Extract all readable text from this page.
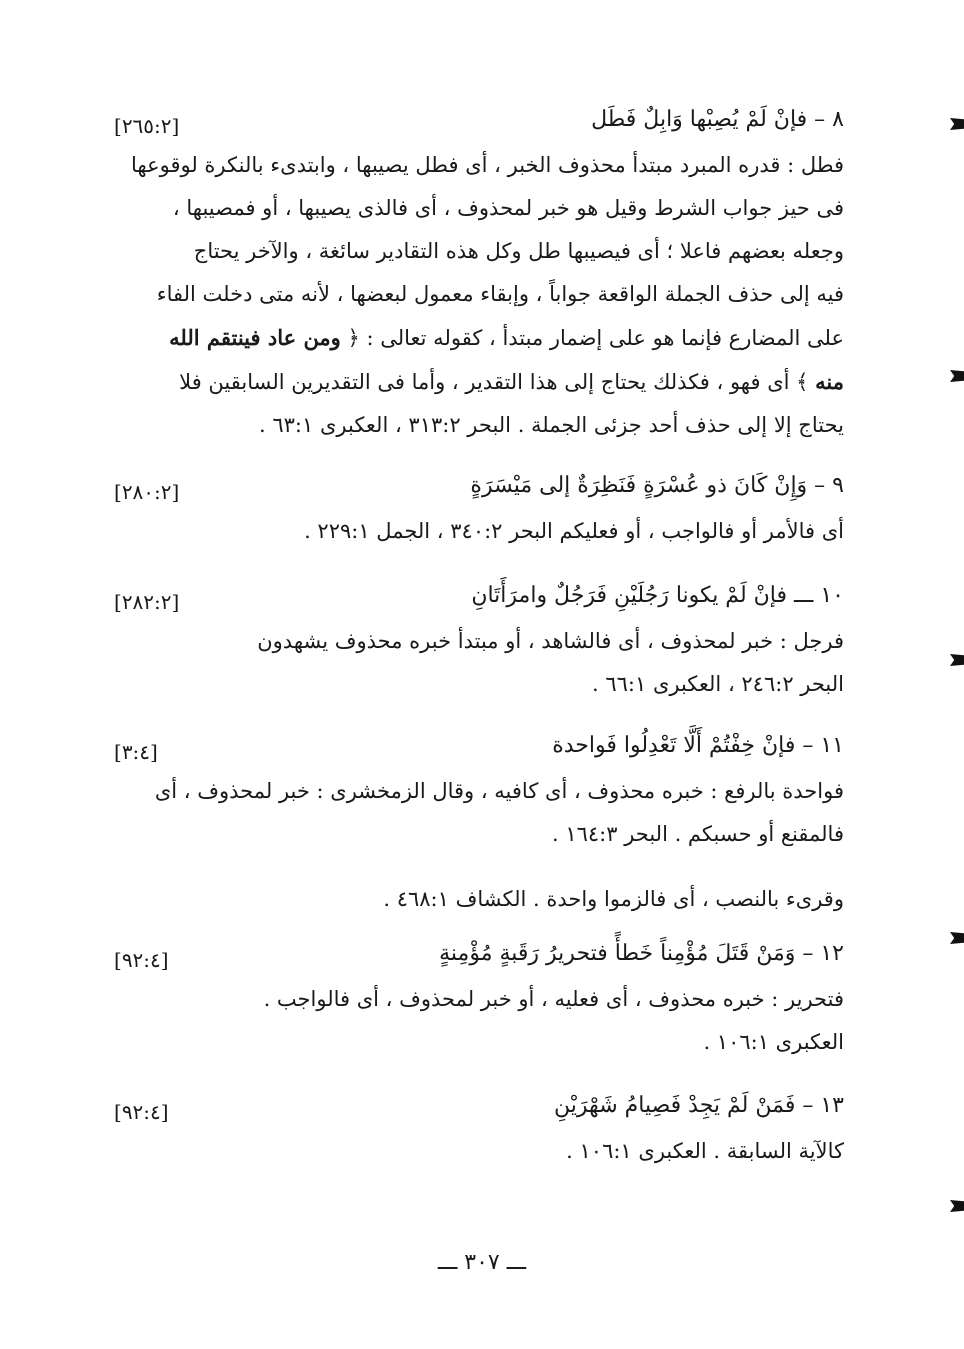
٨ – فإنْ لَمْ يُصِبْها وَابِلٌ فَطَل
[٢٦٥:٢]
فطل : قدره المبرد مبتدأ محذوف الخبر ، أى فطل يصيبها ، وابتدىء بالنكرة لوقوعها
فى حيز جواب الشرط وقيل هو خبر لمحذوف ، أى فالذى يصيبها ، أو فمصيبها ،
وجعله بعضهم فاعلا ؛ أى فيصيبها طل وكل هذه التقادير سائغة ، والآخر يحتاج
فيه إلى حذف الجملة الواقعة جواباً ، وإبقاء معمول لبعضها ، لأنه متى دخلت الفاء
على المضارع فإنما هو على إضمار مبتدأ ، كقوله تعالى : ﴿ ومن عاد فينتقم الله
منه ﴾ أى فهو ، فكذلك يحتاج إلى هذا التقدير ، وأما فى التقديرين السابقين فلا
يحتاج إلا إلى حذف أحد جزئى الجملة . البحر ٣١٣:٢ ، العكبرى ٦٣:١ .
٩ – وَإِنْ كَانَ ذو عُسْرَةٍ فَنَظِرَةٌ إلى مَيْسَرَةٍ
[٢٨٠:٢]
أى فالأمر أو فالواجب ، أو فعليكم البحر ٣٤٠:٢ ، الجمل ٢٢٩:١ .
١٠ ـــ فإنْ لَمْ يكونا رَجُلَيْنِ فَرَجُلٌ وامرَأَتَانِ
[٢٨٢:٢]
فرجل : خبر لمحذوف ، أى فالشاهد ، أو مبتدأ خبره محذوف يشهدون
البحر ٢٤٦:٢ ، العكبرى ٦٦:١ .
١١ – فإنْ خِفْتُمْ أَلَّا تَعْدِلُوا فَواحدة
[٣:٤]
فواحدة بالرفع : خبره محذوف ، أى كافيه ، وقال الزمخشرى : خبر لمحذوف ، أى
فالمقنع أو حسبكم . البحر ١٦٤:٣ .
وقرىء بالنصب ، أى فالزموا واحدة . الكشاف ٤٦٨:١ .
١٢ – وَمَنْ قَتَلَ مُؤْمِناً خَطأً فتحريرُ رَقَبةٍ مُؤْمِنةٍ
[٩٢:٤]
فتحرير : خبره محذوف ، أى فعليه ، أو خبر لمحذوف ، أى فالواجب .
العكبرى ١٠٦:١ .
١٣ – فَمَنْ لَمْ يَجِدْ فَصِيامُ شَهْرَيْنِ
[٩٢:٤]
كالآية السابقة . العكبرى ١٠٦:١ .
ـــ ٣٠٧ ـــ
